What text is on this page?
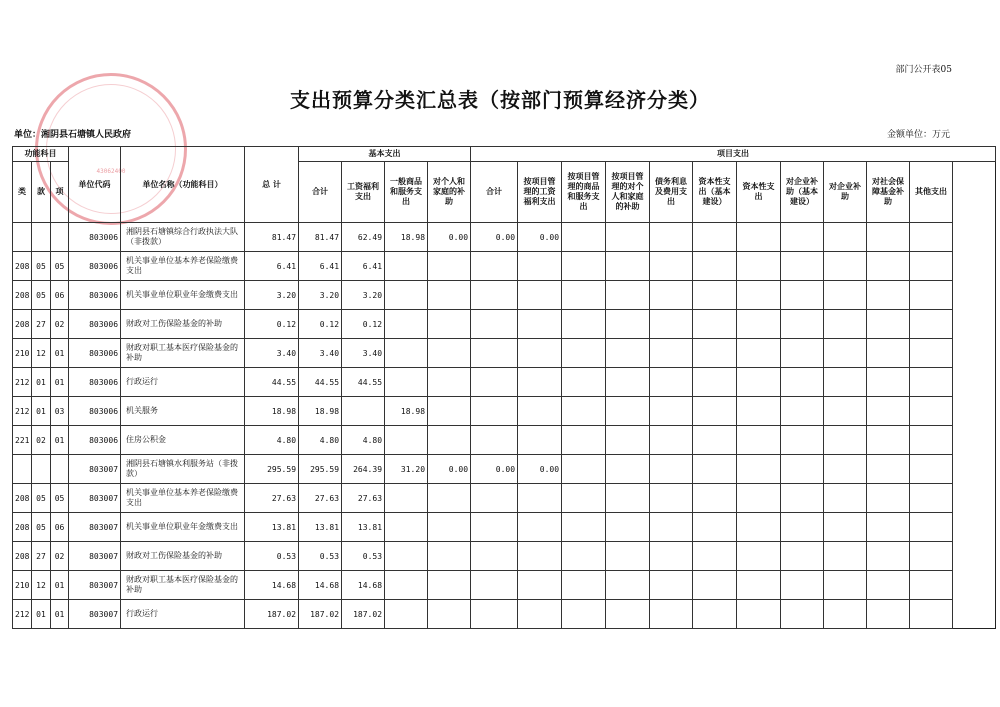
部门公开表05
支出预算分类汇总表（按部门预算经济分类）
单位：湘阴县石塘镇人民政府	金额单位：万元
43062400
功能科目			单位代码	单位名称（功能科目）	总 计	基本支出				项目支出										
类	款	项				合计	工资福利支出	一般商品和服务支出	对个人和家庭的补助	合计	按项目管理的工资福利支出	按项目管理的商品和服务支出	按项目管理的对个人和家庭的补助	债务利息及费用支出	资本性支出（基本建设）	资本性支出	对企业补助（基本建设）	对企业补助	对社会保障基金补助	其他支出
			803006	湘阴县石塘镇综合行政执法大队（非拨款）	81.47	81.47	62.49	18.98	0.00	0.00	0.00									
208	05	05	803006	机关事业单位基本养老保险缴费支出	6.41	6.41	6.41													
208	05	06	803006	机关事业单位职业年金缴费支出	3.20	3.20	3.20													
208	27	02	803006	财政对工伤保险基金的补助	0.12	0.12	0.12													
210	12	01	803006	财政对职工基本医疗保险基金的补助	3.40	3.40	3.40													
212	01	01	803006	行政运行	44.55	44.55	44.55													
212	01	03	803006	机关服务	18.98	18.98		18.98												
221	02	01	803006	住房公积金	4.80	4.80	4.80													
			803007	湘阴县石塘镇水利服务站（非拨款）	295.59	295.59	264.39	31.20	0.00	0.00	0.00									
208	05	05	803007	机关事业单位基本养老保险缴费支出	27.63	27.63	27.63													
208	05	06	803007	机关事业单位职业年金缴费支出	13.81	13.81	13.81													
208	27	02	803007	财政对工伤保险基金的补助	0.53	0.53	0.53													
210	12	01	803007	财政对职工基本医疗保险基金的补助	14.68	14.68	14.68													
212	01	01	803007	行政运行	187.02	187.02	187.02													
